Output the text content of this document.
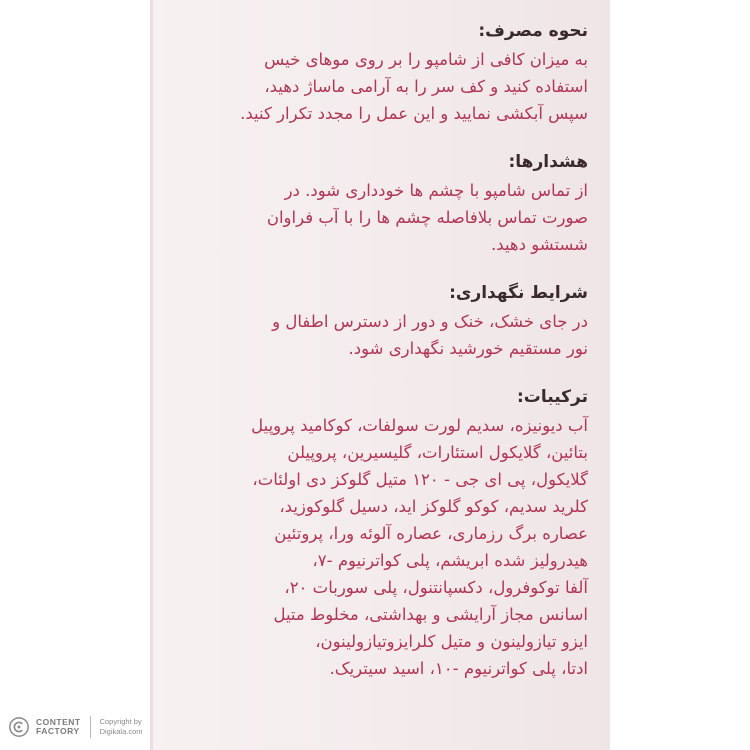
نحوه مصرف:
به میزان کافی از شامپو را بر روی موهای خیس
استفاده کنید و کف سر را به آرامی ماساژ دهید،
سپس آبکشی نمایید و این عمل را مجدد تکرار کنید.
هشدارها:
از تماس شامپو با چشم ها خودداری شود. در
صورت تماس بلافاصله چشم ها را با آب فراوان
شستشو دهید.
شرایط نگهداری:
در جای خشک، خنک و دور از دسترس اطفال و
نور مستقیم خورشید نگهداری شود.
ترکیبات:
آب دیونیزه، سدیم لورت سولفات، کوکامید پروپیل
بتائین، گلایکول استئارات، گلیسیرین، پروپیلن
گلایکول، پی ای جی - ۱۲۰ متیل گلوکز دی اولئات،
کلرید سدیم، کوکو گلوکز اید، دسیل گلوکوزید،
عصاره برگ رزماری، عصاره آلوئه ورا، پروتئین
هیدرولیز شده ابریشم، پلی کواترنیوم -۷،
آلفا توکوفرول، دکسپانتنول، پلی سوربات ۲۰،
اسانس مجاز آرایشی و بهداشتی، مخلوط متیل
ایزو تیازولینون و متیل کلرایزوتیازولینون،
ادتا، پلی کواترنیوم -۱۰، اسید سیتریک.
CONTENT
FACTORY
Copyright by
Digikala.com
